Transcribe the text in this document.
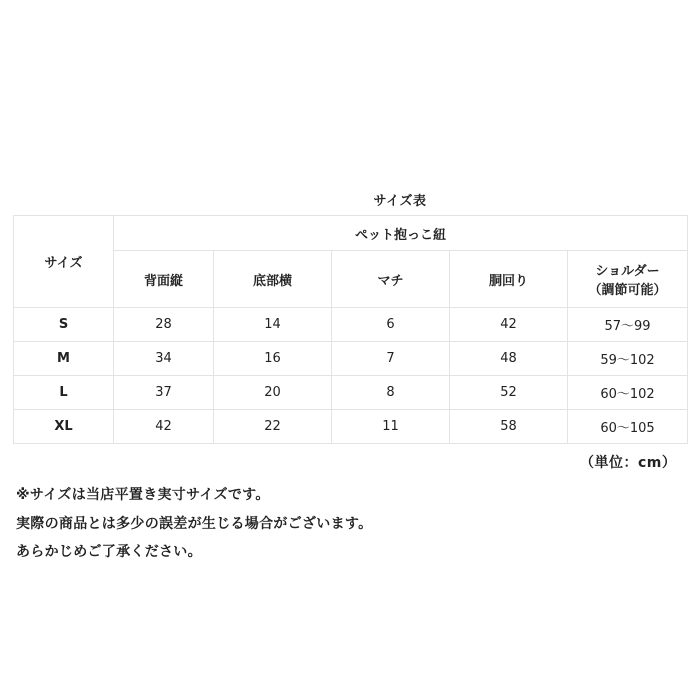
サイズ表
サイズ	ペット抱っこ紐				
	背面縦	底部横	マチ	胴回り	ショルダー
（調節可能）
S	28	14	6	42	57～99
M	34	16	7	48	59～102
L	37	20	8	52	60～102
XL	42	22	11	58	60～105
（単位：cm）
※サイズは当店平置き実寸サイズです。
実際の商品とは多少の誤差が生じる場合がございます。
あらかじめご了承ください。
